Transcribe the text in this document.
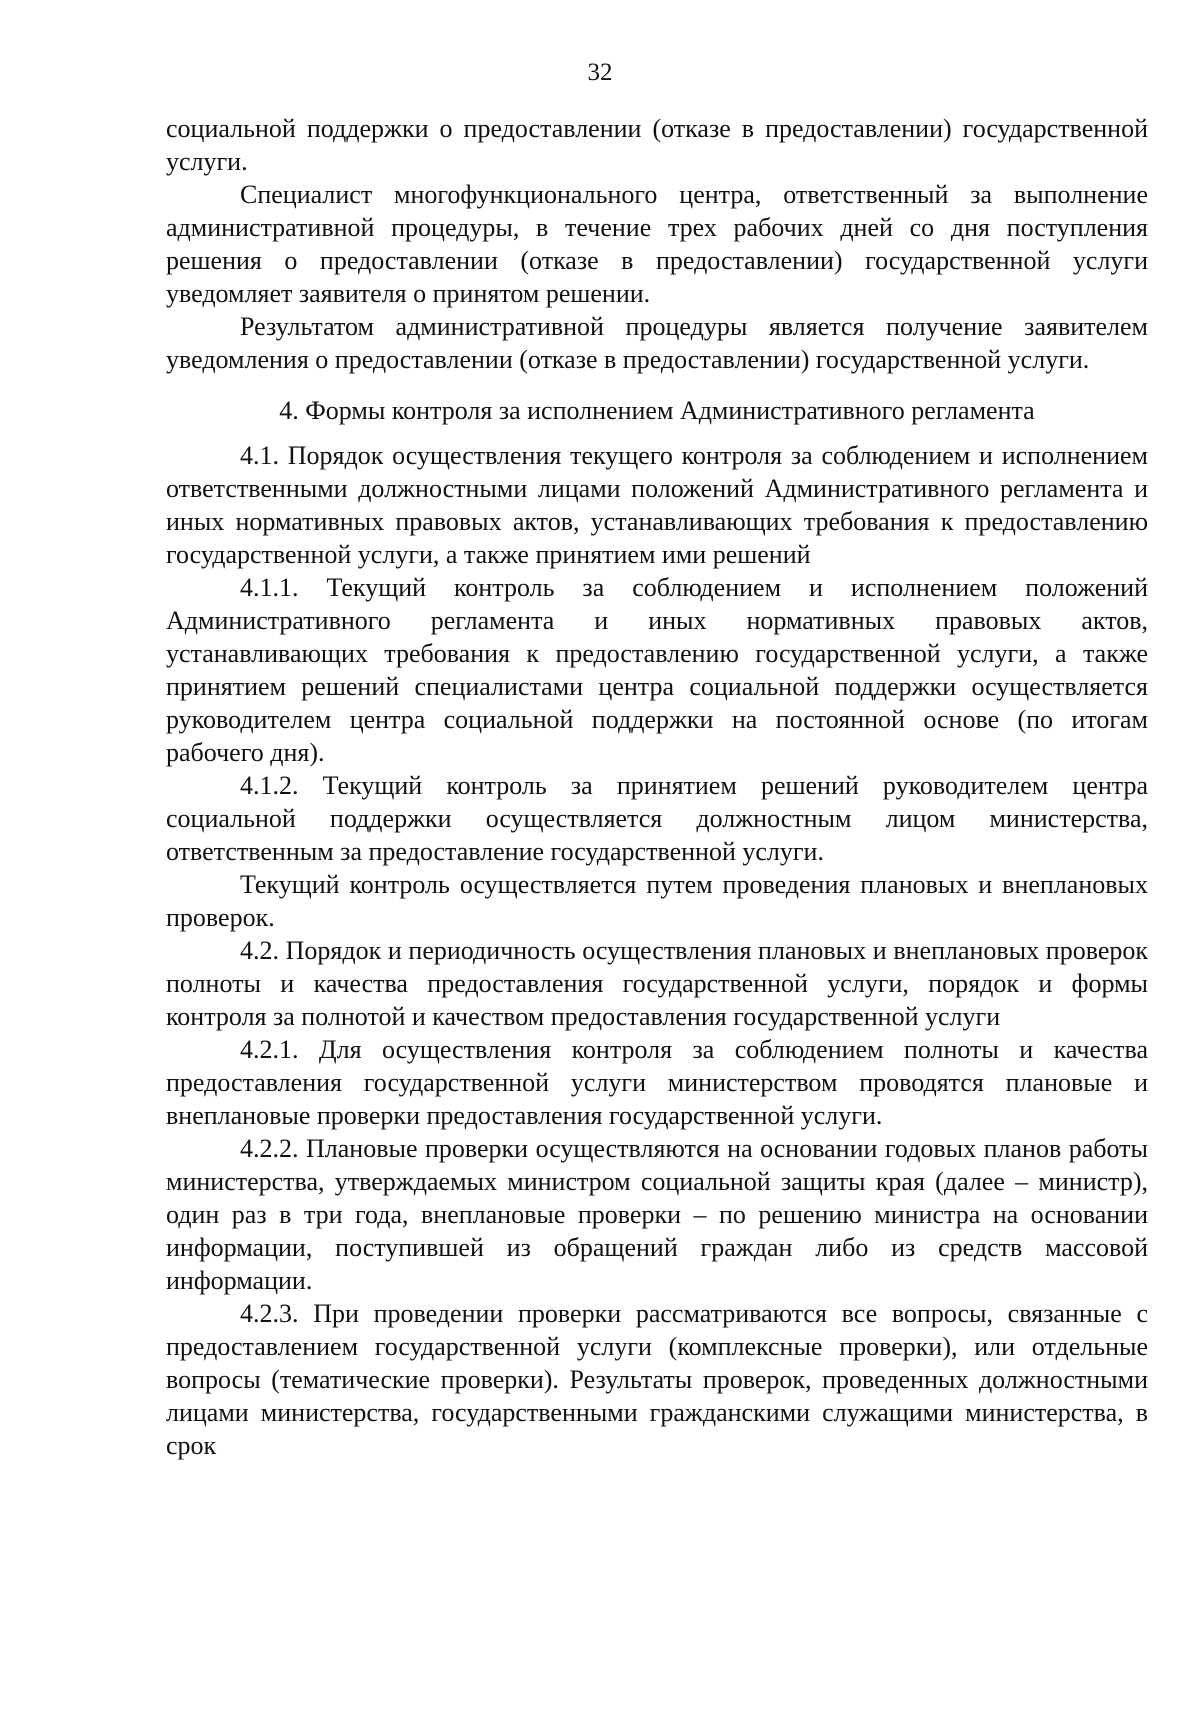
32

социальной поддержки о предоставлении (отказе в предоставлении) государственной услуги.

Специалист многофункционального центра, ответственный за выполнение административной процедуры, в течение трех рабочих дней со дня поступления решения о предоставлении (отказе в предоставлении) государственной услуги уведомляет заявителя о принятом решении.

Результатом административной процедуры является получение заявителем уведомления о предоставлении (отказе в предоставлении) государственной услуги.

4. Формы контроля за исполнением Административного регламента

4.1. Порядок осуществления текущего контроля за соблюдением и исполнением ответственными должностными лицами положений Административного регламента и иных нормативных правовых актов, устанавливающих требования к предоставлению государственной услуги, а также принятием ими решений

4.1.1. Текущий контроль за соблюдением и исполнением положений Административного регламента и иных нормативных правовых актов, устанавливающих требования к предоставлению государственной услуги, а также принятием решений специалистами центра социальной поддержки осуществляется руководителем центра социальной поддержки на постоянной основе (по итогам рабочего дня).

4.1.2. Текущий контроль за принятием решений руководителем центра социальной поддержки осуществляется должностным лицом министерства, ответственным за предоставление государственной услуги.

Текущий контроль осуществляется путем проведения плановых и внеплановых проверок.

4.2. Порядок и периодичность осуществления плановых и внеплановых проверок полноты и качества предоставления государственной услуги, порядок и формы контроля за полнотой и качеством предоставления государственной услуги

4.2.1. Для осуществления контроля за соблюдением полноты и качества предоставления государственной услуги министерством проводятся плановые и внеплановые проверки предоставления государственной услуги.

4.2.2. Плановые проверки осуществляются на основании годовых планов работы министерства, утверждаемых министром социальной защиты края (далее – министр), один раз в три года, внеплановые проверки – по решению министра на основании информации, поступившей из обращений граждан либо из средств массовой информации.

4.2.3. При проведении проверки рассматриваются все вопросы, связанные с предоставлением государственной услуги (комплексные проверки), или отдельные вопросы (тематические проверки). Результаты проверок, проведенных должностными лицами министерства, государственными гражданскими служащими министерства, в срок
